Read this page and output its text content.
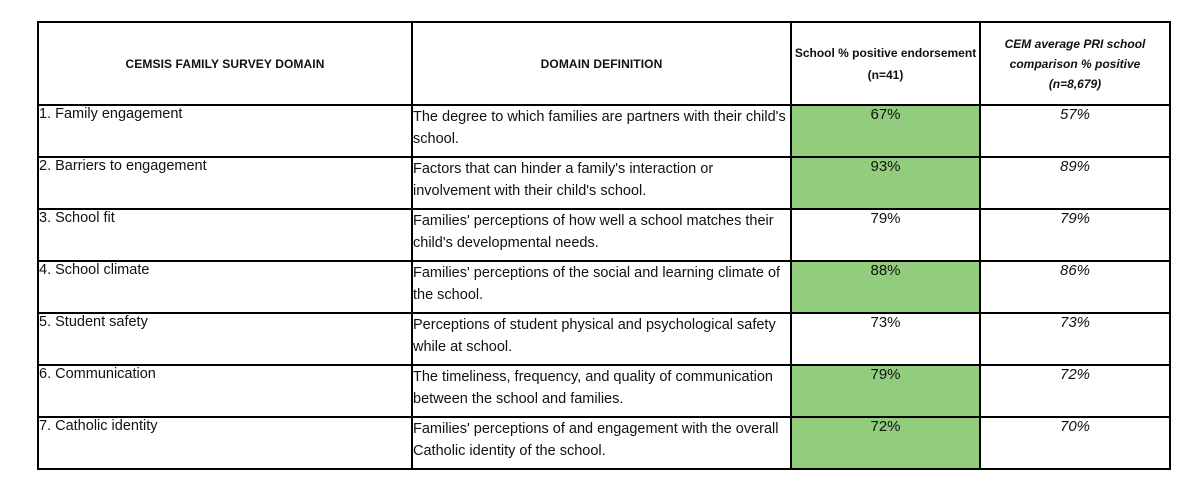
CEMSIS FAMILY SURVEY DOMAIN	DOMAIN DEFINITION	School % positive endorsement (n=41)	CEM average PRI school comparison % positive (n=8,679)
1. Family engagement	The degree to which families are partners with their child's school.	67%	57%
2. Barriers to engagement	Factors that can hinder a family's interaction or involvement with their child's school.	93%	89%
3. School fit	Families' perceptions of how well a school matches their child's developmental needs.	79%	79%
4. School climate	Families' perceptions of the social and learning climate of the school.	88%	86%
5. Student safety	Perceptions of student physical and psychological safety while at school.	73%	73%
6. Communication	The timeliness, frequency, and quality of communication between the school and families.	79%	72%
7. Catholic identity	Families' perceptions of and engagement with the overall Catholic identity of the school.	72%	70%
